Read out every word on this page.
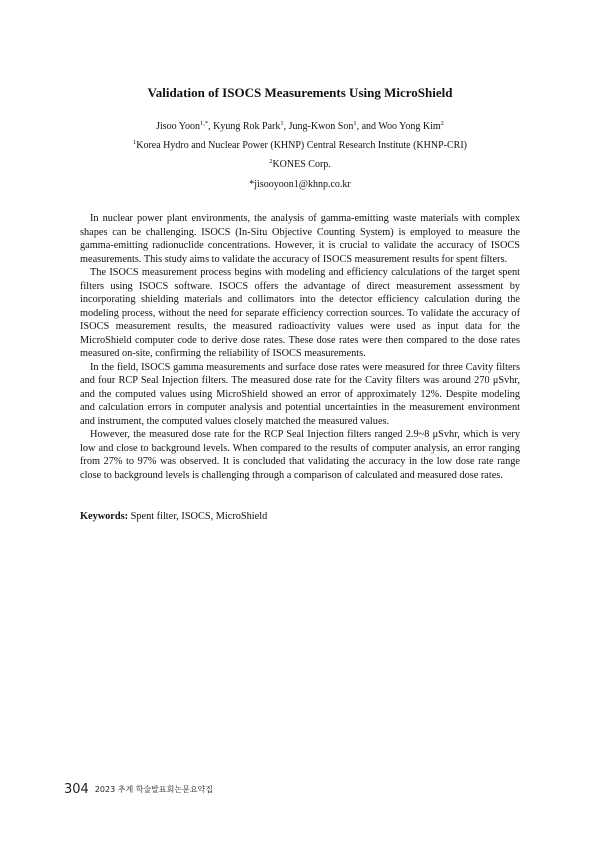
Validation of ISOCS Measurements Using MicroShield
Jisoo Yoon$^{1,*}$, Kyung Rok Park$^1$, Jung-Kwon Son$^1$, and Woo Yong Kim$^2$
$^1$Korea Hydro and Nuclear Power (KHNP) Central Research Institute (KHNP-CRI)
$^2$KONES Corp.
*jisooyoon1@khnp.co.kr

In nuclear power plant environments, the analysis of gamma-emitting waste materials with complex shapes can be challenging. ISOCS (In-Situ Objective Counting System) is employed to measure the gamma-emitting radionuclide concentrations. However, it is crucial to validate the accuracy of ISOCS measurements. This study aims to validate the accuracy of ISOCS measurement results for spent filters.

The ISOCS measurement process begins with modeling and efficiency calculations of the target spent filters using ISOCS software. ISOCS offers the advantage of direct measurement assessment by incorporating shielding materials and collimators into the detector efficiency calculation during the modeling process, without the need for separate efficiency correction sources. To validate the accuracy of ISOCS measurement results, the measured radioactivity values were used as input data for the MicroShield computer code to derive dose rates. These dose rates were then compared to the dose rates measured on-site, confirming the reliability of ISOCS measurements.

In the field, ISOCS gamma measurements and surface dose rates were measured for three Cavity filters and four RCP Seal Injection filters. The measured dose rate for the Cavity filters was around 270 μSvhr, and the computed values using MicroShield showed an error of approximately 12%. Despite modeling and calculation errors in computer analysis and potential uncertainties in the measurement environment and instrument, the computed values closely matched the measured values.

However, the measured dose rate for the RCP Seal Injection filters ranged 2.9~8 μSvhr, which is very low and close to background levels. When compared to the results of computer analysis, an error ranging from 27% to 97% was observed. It is concluded that validating the accuracy in the low dose rate range close to background levels is challenging through a comparison of calculated and measured dose rates.

Keywords: Spent filter, ISOCS, MicroShield
304 2023 추계 학술발표회논문요약집
